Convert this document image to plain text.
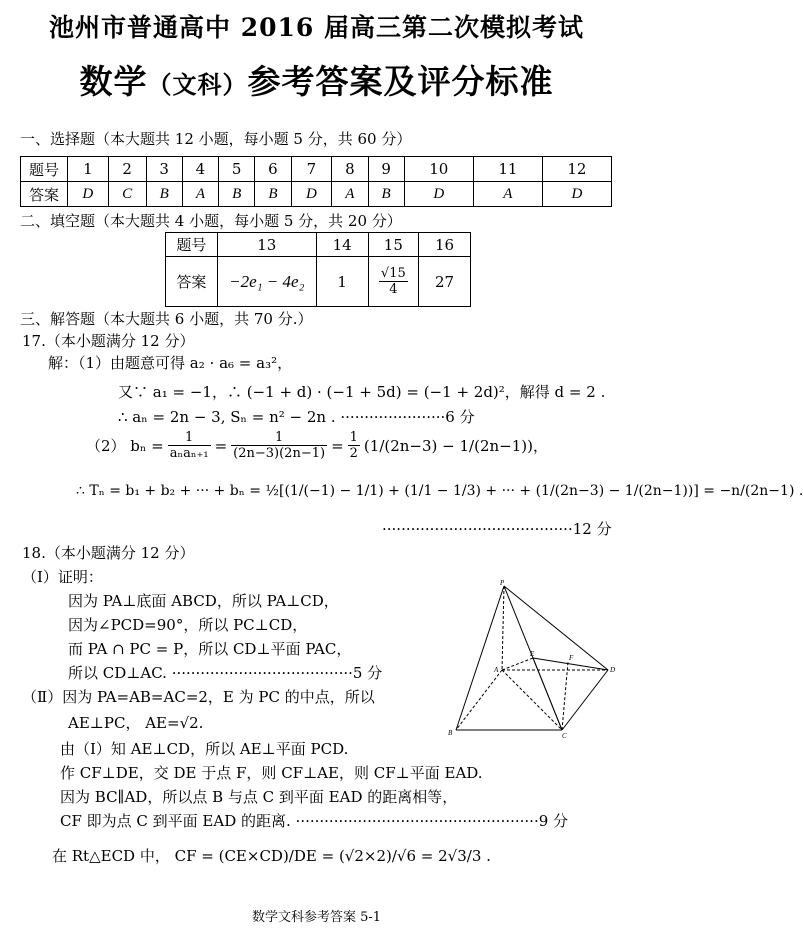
池州市普通高中 2016 届高三第二次模拟考试
数学（文科）参考答案及评分标准
一、选择题（本大题共 12 小题，每小题 5 分，共 60 分）
题号	1	2	3	4	5	6	7	8	9	10	11	12
答案	D	C	B	A	B	B	D	A	B	D	A	D
二、填空题（本大题共 4 小题，每小题 5 分，共 20 分）
题号	13	14	15	16
答案	−2e₁ − 4e₂	1	$\frac{√15}{4}$	27
三、解答题（本大题共 6 小题，共 70 分.）
17.（本小题满分 12 分）
解：（1）由题意可得 a₂ · a₆ = a₃²，
又∵ a₁ = −1，∴ (−1 + d) · (−1 + 5d) = (−1 + 2d)²，解得 d = 2 .
∴ aₙ = 2n − 3, Sₙ = n² − 2n . ······················6 分
（2） $b_n = \frac{1}{\text{aₙaₙ₊₁}} = \frac{1}{(2n-3)(2n-1)} = \frac{1}{2} (1/(2n-3) - 1/(2n-1))$，
∴ Tₙ = b₁ + b₂ + ··· + bₙ = ½[(1/(−1) − 1/1) + (1/1 − 1/3) + ··· + (1/(2n−3) − 1/(2n−1))] = −n/(2n−1) .
········································12 分
18.（本小题满分 12 分）
（Ⅰ）证明：
因为 PA⊥底面 ABCD，所以 PA⊥CD，
因为∠PCD=90°，所以 PC⊥CD，
而 PA ∩ PC = P，所以 CD⊥平面 PAC，
所以 CD⊥AC. ······································5 分
（Ⅱ）因为 PA=AB=AC=2，E 为 PC 的中点，所以
AE⊥PC， AE=√2.
由（Ⅰ）知 AE⊥CD，所以 AE⊥平面 PCD.
作 CF⊥DE，交 DE 于点 F，则 CF⊥AE，则 CF⊥平面 EAD.
因为 BC∥AD，所以点 B 与点 C 到平面 EAD 的距离相等，
CF 即为点 C 到平面 EAD 的距离. ···················································9 分
在 Rt△ECD 中， CF = (CE×CD)/DE = (√2×2)/√6 = 2√3/3 .
P
A
B	C
D
E	F
数学文科参考答案 5-1
